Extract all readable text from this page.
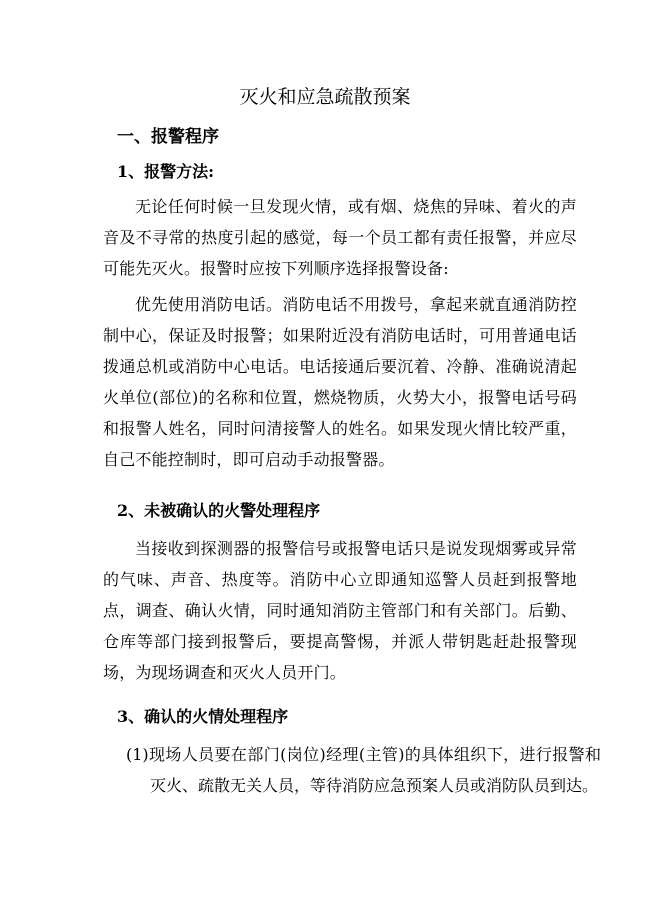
灭火和应急疏散预案
一、报警程序
1、报警方法:

无论任何时候一旦发现火情，或有烟、烧焦的异味、着火的声音及不寻常的热度引起的感觉，每一个员工都有责任报警，并应尽可能先灭火。报警时应按下列顺序选择报警设备:

优先使用消防电话。消防电话不用拨号，拿起来就直通消防控制中心，保证及时报警；如果附近没有消防电话时，可用普通电话拨通总机或消防中心电话。电话接通后要沉着、冷静、准确说清起火单位(部位)的名称和位置，燃烧物质，火势大小，报警电话号码和报警人姓名，同时问清接警人的姓名。如果发现火情比较严重，自己不能控制时，即可启动手动报警器。

2、未被确认的火警处理程序

当接收到探测器的报警信号或报警电话只是说发现烟雾或异常的气味、声音、热度等。消防中心立即通知巡警人员赶到报警地点，调查、确认火情，同时通知消防主管部门和有关部门。后勤、仓库等部门接到报警后，要提高警惕，并派人带钥匙赶赴报警现场，为现场调查和灭火人员开门。

3、确认的火情处理程序

(1)现场人员要在部门(岗位)经理(主管)的具体组织下，进行报警和灭火、疏散无关人员，等待消防应急预案人员或消防队员到达。
